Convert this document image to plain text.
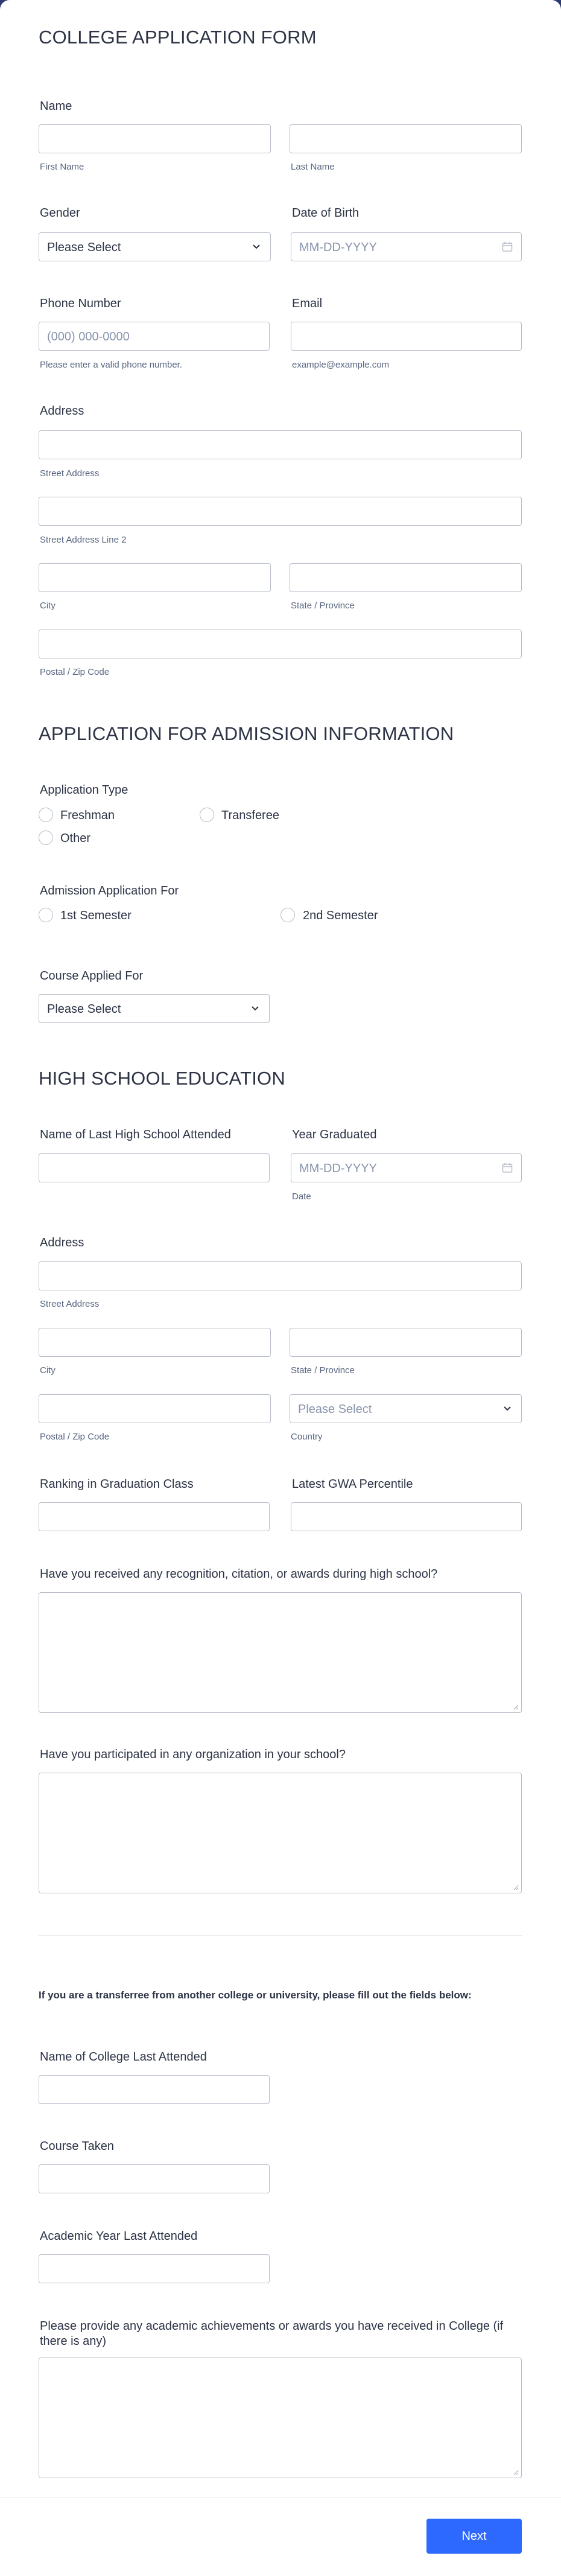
COLLEGE APPLICATION FORM
Name
First Name	Last Name
Gender
Please Select
Date of Birth
MM-DD-YYYY
Phone Number
(000) 000-0000
Please enter a valid phone number.
Email
example@example.com
Address
Street Address
Street Address Line 2
City	State / Province
Postal / Zip Code
APPLICATION FOR ADMISSION INFORMATION
Application Type
Freshman	Transferee
Other
Admission Application For
1st Semester	2nd Semester
Course Applied For
Please Select
HIGH SCHOOL EDUCATION
Name of Last High School Attended	Year Graduated
MM-DD-YYYY
Date
Address
Street Address
City	State / Province
Please Select
Postal / Zip Code	Country
Ranking in Graduation Class	Latest GWA Percentile
Have you received any recognition, citation, or awards during high school?
Have you participated in any organization in your school?
If you are a transferree from another college or university, please fill out the fields below:
Name of College Last Attended
Course Taken
Academic Year Last Attended
Please provide any academic achievements or awards you have received in College (if there is any)
Next
